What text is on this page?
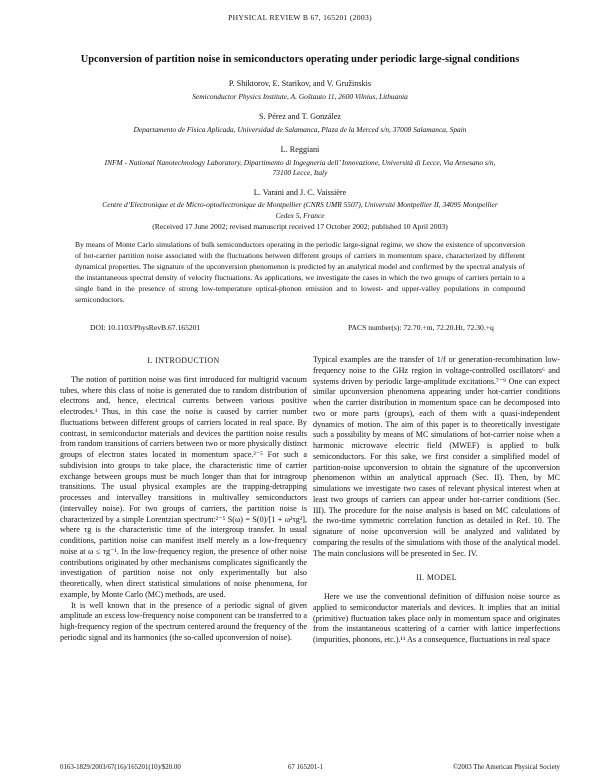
PHYSICAL REVIEW B 67, 165201 (2003)
Upconversion of partition noise in semiconductors operating under periodic large-signal conditions
P. Shiktorov, E. Starikov, and V. Gružinskis
Semiconductor Physics Institute, A. Goštauto 11, 2600 Vilnius, Lithuania
S. Pérez and T. González
Departamento de Física Aplicada, Universidad de Salamanca, Plaza de la Merced s/n, 37008 Salamanca, Spain
L. Reggiani
INFM - National Nanotechnology Laboratory, Dipartimento di Ingegneria dell’ Innovazione, Università di Lecce, Via Arnesano s/n,
73100 Lecce, Italy
L. Varani and J. C. Vaissière
Centre d’Electronique et de Micro-optoélectronique de Montpellier (CNRS UMR 5507), Université Montpellier II, 34095 Montpellier
Cedex 5, France
(Received 17 June 2002; revised manuscript received 17 October 2002; published 10 April 2003)
By means of Monte Carlo simulations of bulk semiconductors operating in the periodic large-signal regime, we show the existence of upconversion of hot-carrier partition noise associated with the fluctuations between different groups of carriers in momentum space, characterized by different dynamical properties. The signature of the upconversion phenomenon is predicted by an analytical model and confirmed by the spectral analysis of the instantaneous spectral density of velocity fluctuations. As applications, we investigate the cases in which the two groups of carriers pertain to a single band in the presence of strong low-temperature optical-phonon emission and to lowest- and upper-valley populations in compound semiconductors.
DOI: 10.1103/PhysRevB.67.165201	PACS number(s): 72.70.+m, 72.20.Ht, 72.30.+q
I. INTRODUCTION

The notion of partition noise was first introduced for multigrid vacuum tubes, where this class of noise is generated due to random distribution of electrons and, hence, electrical currents between various positive electrodes.¹ Thus, in this case the noise is caused by carrier number fluctuations between different groups of carriers located in real space. By contrast, in semiconductor materials and devices the partition noise results from random transitions of carriers between two or more physically distinct groups of electron states located in momentum space.²⁻⁵ For such a subdivision into groups to take place, the characteristic time of carrier exchange between groups must be much longer than that for intragroup transitions. The usual physical examples are the trapping-detrapping processes and intervalley transitions in multivalley semiconductors (intervalley noise). For two groups of carriers, the partition noise is characterized by a simple Lorentzian spectrum:²⁻⁵ S(ω) = S(0)/[1 + ω²τg²], where τg is the characteristic time of the intergroup transfer. In usual conditions, partition noise can manifest itself merely as a low-frequency noise at ω ≤ τg⁻¹. In the low-frequency region, the presence of other noise contributions originated by other mechanisms complicates significantly the investigation of partition noise not only experimentally but also theoretically, when direct statistical simulations of noise phenomena, for example, by Monte Carlo (MC) methods, are used.

It is well known that in the presence of a periodic signal of given amplitude an excess low-frequency noise component can be transferred to a high-frequency region of the spectrum centered around the frequency of the periodic signal and its harmonics (the so-called upconversion of noise).

Typical examples are the transfer of 1/f or generation-recombination low-frequency noise to the GHz region in voltage-controlled oscillators⁶ and systems driven by periodic large-amplitude excitations.⁷⁻⁹ One can expect similar upconversion phenomena appearing under hot-carrier conditions when the carrier distribution in momentum space can be decomposed into two or more parts (groups), each of them with a quasi-independent dynamics of motion. The aim of this paper is to theoretically investigate such a possibility by means of MC simulations of hot-carrier noise when a harmonic microwave electric field (MWEF) is applied to bulk semiconductors. For this sake, we first consider a simplified model of partition-noise upconversion to obtain the signature of the upconversion phenomenon within an analytical approach (Sec. II). Then, by MC simulations we investigate two cases of relevant physical interest when at least two groups of carriers can appear under hot-carrier conditions (Sec. III). The procedure for the noise analysis is based on MC calculations of the two-time symmetric correlation function as detailed in Ref. 10. The signature of noise upconversion will be analyzed and validated by comparing the results of the simulations with those of the analytical model. The main conclusions will be presented in Sec. IV.

II. MODEL

Here we use the conventional definition of diffusion noise source as applied to semiconductor materials and devices. It implies that an initial (primitive) fluctuation takes place only in momentum space and originates from the instantaneous scattering of a carrier with lattice imperfections (impurities, phonons, etc.).¹¹ As a consequence, fluctuations in real space

0163-1829/2003/67(16)/165201(10)/$20.00	67 165201-1	©2003 The American Physical Society
